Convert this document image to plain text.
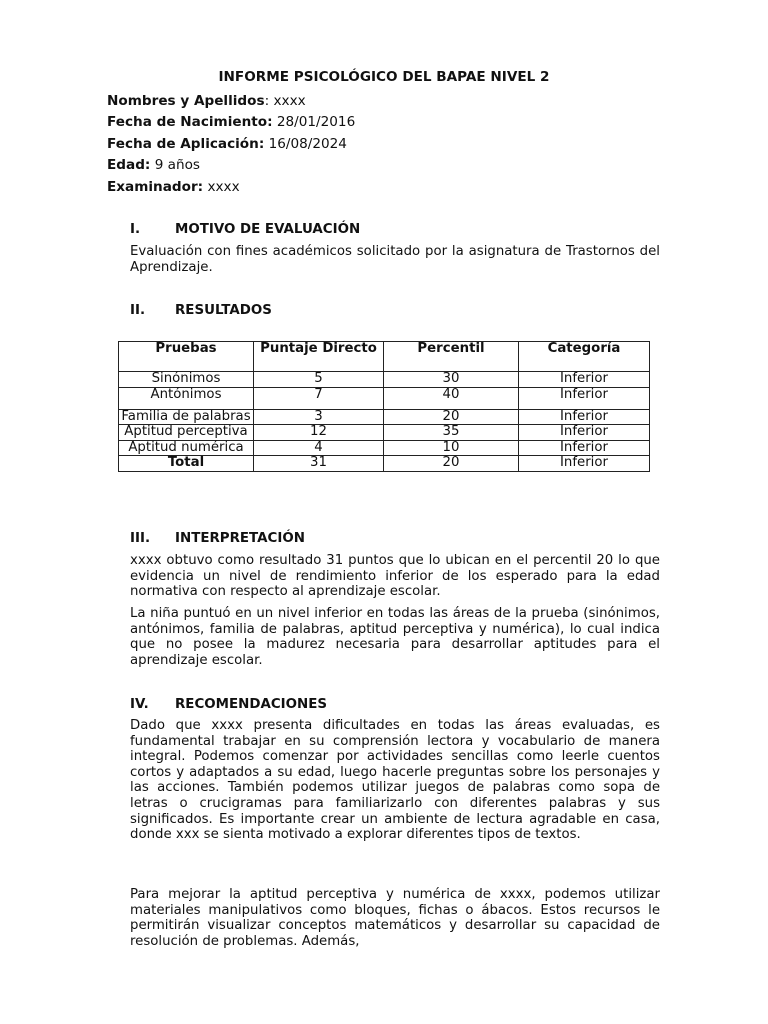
INFORME PSICOLÓGICO DEL BAPAE NIVEL 2
Nombres y Apellidos: xxxx
Fecha de Nacimiento: 28/01/2016
Fecha de Aplicación: 16/08/2024
Edad: 9 años
Examinador: xxxx
I.	MOTIVO DE EVALUACIÓN
Evaluación con fines académicos solicitado por la asignatura de Trastornos del Aprendizaje.
II. RESULTADOS
Pruebas	Puntaje Directo	Percentil	Categoría
Sinónimos	5	30	Inferior
Antónimos	7	40	Inferior
Familia de palabras	3	20	Inferior
Aptitud perceptiva	12	35	Inferior
Aptitud numérica	4	10	Inferior
Total	31	20	Inferior
III. INTERPRETACIÓN
xxxx obtuvo como resultado 31 puntos que lo ubican en el percentil 20 lo que evidencia un nivel de rendimiento inferior de los esperado para la edad normativa con respecto al aprendizaje escolar.
La niña puntuó en un nivel inferior en todas las áreas de la prueba (sinónimos, antónimos, familia de palabras, aptitud perceptiva y numérica), lo cual indica que no posee la madurez necesaria para desarrollar aptitudes para el aprendizaje escolar.
IV. RECOMENDACIONES
Dado que xxxx presenta dificultades en todas las áreas evaluadas, es fundamental trabajar en su comprensión lectora y vocabulario de manera integral. Podemos comenzar por actividades sencillas como leerle cuentos cortos y adaptados a su edad, luego hacerle preguntas sobre los personajes y las acciones. También podemos utilizar juegos de palabras como sopa de letras o crucigramas para familiarizarlo con diferentes palabras y sus significados. Es importante crear un ambiente de lectura agradable en casa, donde xxx se sienta motivado a explorar diferentes tipos de textos.
Para mejorar la aptitud perceptiva y numérica de xxxx, podemos utilizar materiales manipulativos como bloques, fichas o ábacos. Estos recursos le permitirán visualizar conceptos matemáticos y desarrollar su capacidad de resolución de problemas. Además,
